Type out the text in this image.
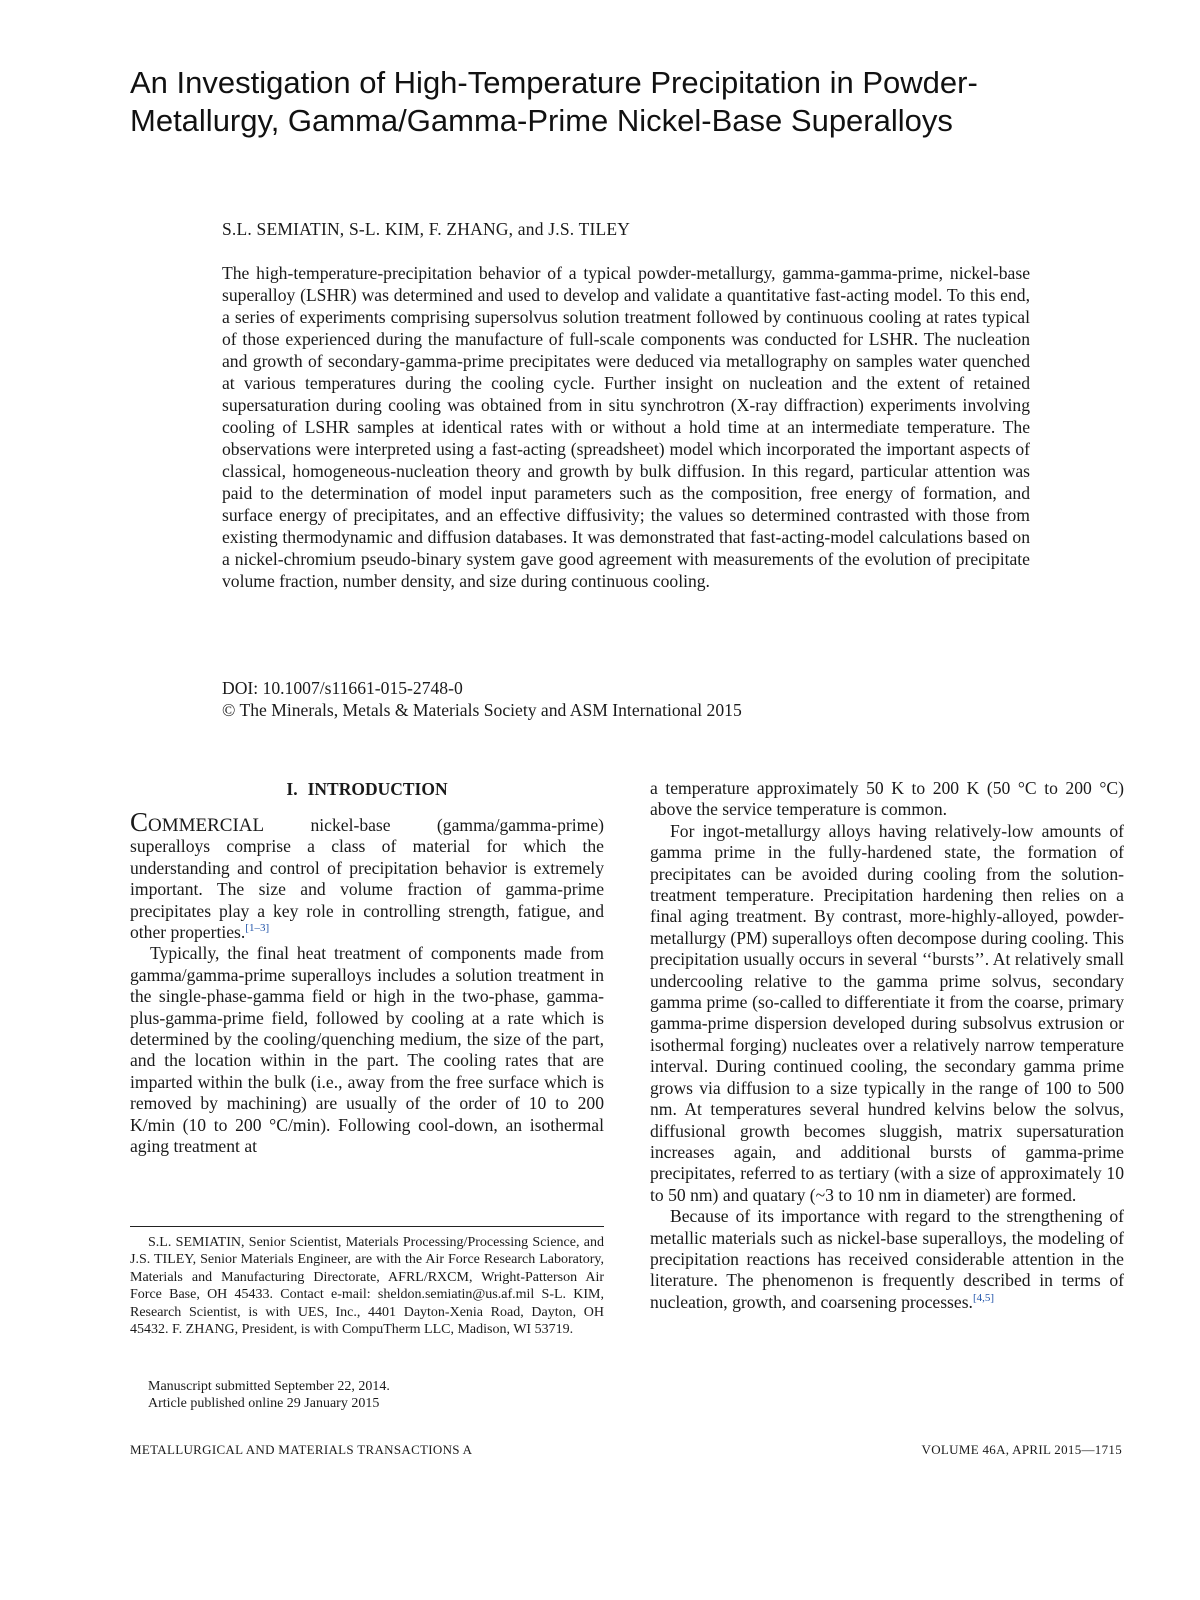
An Investigation of High-Temperature Precipitation in Powder-Metallurgy, Gamma/Gamma-Prime Nickel-Base Superalloys
S.L. SEMIATIN, S-L. KIM, F. ZHANG, and J.S. TILEY

The high-temperature-precipitation behavior of a typical powder-metallurgy, gamma-gamma-prime, nickel-base superalloy (LSHR) was determined and used to develop and validate a quantitative fast-acting model. To this end, a series of experiments comprising supersolvus solution treatment followed by continuous cooling at rates typical of those experienced during the manufacture of full-scale components was conducted for LSHR. The nucleation and growth of secondary-gamma-prime precipitates were deduced via metallography on samples water quenched at various temperatures during the cooling cycle. Further insight on nucleation and the extent of retained supersaturation during cooling was obtained from in situ synchrotron (X-ray diffraction) experiments involving cooling of LSHR samples at identical rates with or without a hold time at an intermediate temperature. The observations were interpreted using a fast-acting (spreadsheet) model which incorporated the important aspects of classical, homogeneous-nucleation theory and growth by bulk diffusion. In this regard, particular attention was paid to the determination of model input parameters such as the composition, free energy of formation, and surface energy of precipitates, and an effective diffusivity; the values so determined contrasted with those from existing thermodynamic and diffusion databases. It was demonstrated that fast-acting-model calculations based on a nickel-chromium pseudo-binary system gave good agreement with measurements of the evolution of precipitate volume fraction, number density, and size during continuous cooling.

DOI: 10.1007/s11661-015-2748-0
© The Minerals, Metals & Materials Society and ASM International 2015
I. INTRODUCTION

COMMERCIAL nickel-base (gamma/gamma-prime) superalloys comprise a class of material for which the understanding and control of precipitation behavior is extremely important. The size and volume fraction of gamma-prime precipitates play a key role in controlling strength, fatigue, and other properties.[1–3]

Typically, the final heat treatment of components made from gamma/gamma-prime superalloys includes a solution treatment in the single-phase-gamma field or high in the two-phase, gamma-plus-gamma-prime field, followed by cooling at a rate which is determined by the cooling/quenching medium, the size of the part, and the location within in the part. The cooling rates that are imparted within the bulk (i.e., away from the free surface which is removed by machining) are usually of the order of 10 to 200 K/min (10 to 200 °C/min). Following cool-down, an isothermal aging treatment at

S.L. SEMIATIN, Senior Scientist, Materials Processing/Processing Science, and J.S. TILEY, Senior Materials Engineer, are with the Air Force Research Laboratory, Materials and Manufacturing Directorate, AFRL/RXCM, Wright-Patterson Air Force Base, OH 45433. Contact e-mail: sheldon.semiatin@us.af.mil S-L. KIM, Research Scientist, is with UES, Inc., 4401 Dayton-Xenia Road, Dayton, OH 45432. F. ZHANG, President, is with CompuTherm LLC, Madison, WI 53719.

Manuscript submitted September 22, 2014.
Article published online 29 January 2015

a temperature approximately 50 K to 200 K (50 °C to 200 °C) above the service temperature is common.

For ingot-metallurgy alloys having relatively-low amounts of gamma prime in the fully-hardened state, the formation of precipitates can be avoided during cooling from the solution-treatment temperature. Precipitation hardening then relies on a final aging treatment. By contrast, more-highly-alloyed, powder-metallurgy (PM) superalloys often decompose during cooling. This precipitation usually occurs in several ‘‘bursts’’. At relatively small undercooling relative to the gamma prime solvus, secondary gamma prime (so-called to differentiate it from the coarse, primary gamma-prime dispersion developed during subsolvus extrusion or isothermal forging) nucleates over a relatively narrow temperature interval. During continued cooling, the secondary gamma prime grows via diffusion to a size typically in the range of 100 to 500 nm. At temperatures several hundred kelvins below the solvus, diffusional growth becomes sluggish, matrix supersaturation increases again, and additional bursts of gamma-prime precipitates, referred to as tertiary (with a size of approximately 10 to 50 nm) and quatary (~3 to 10 nm in diameter) are formed.

Because of its importance with regard to the strengthening of metallic materials such as nickel-base superalloys, the modeling of precipitation reactions has received considerable attention in the literature. The phenomenon is frequently described in terms of nucleation, growth, and coarsening processes.[4,5]

METALLURGICAL AND MATERIALS TRANSACTIONS A	VOLUME 46A, APRIL 2015—1715
